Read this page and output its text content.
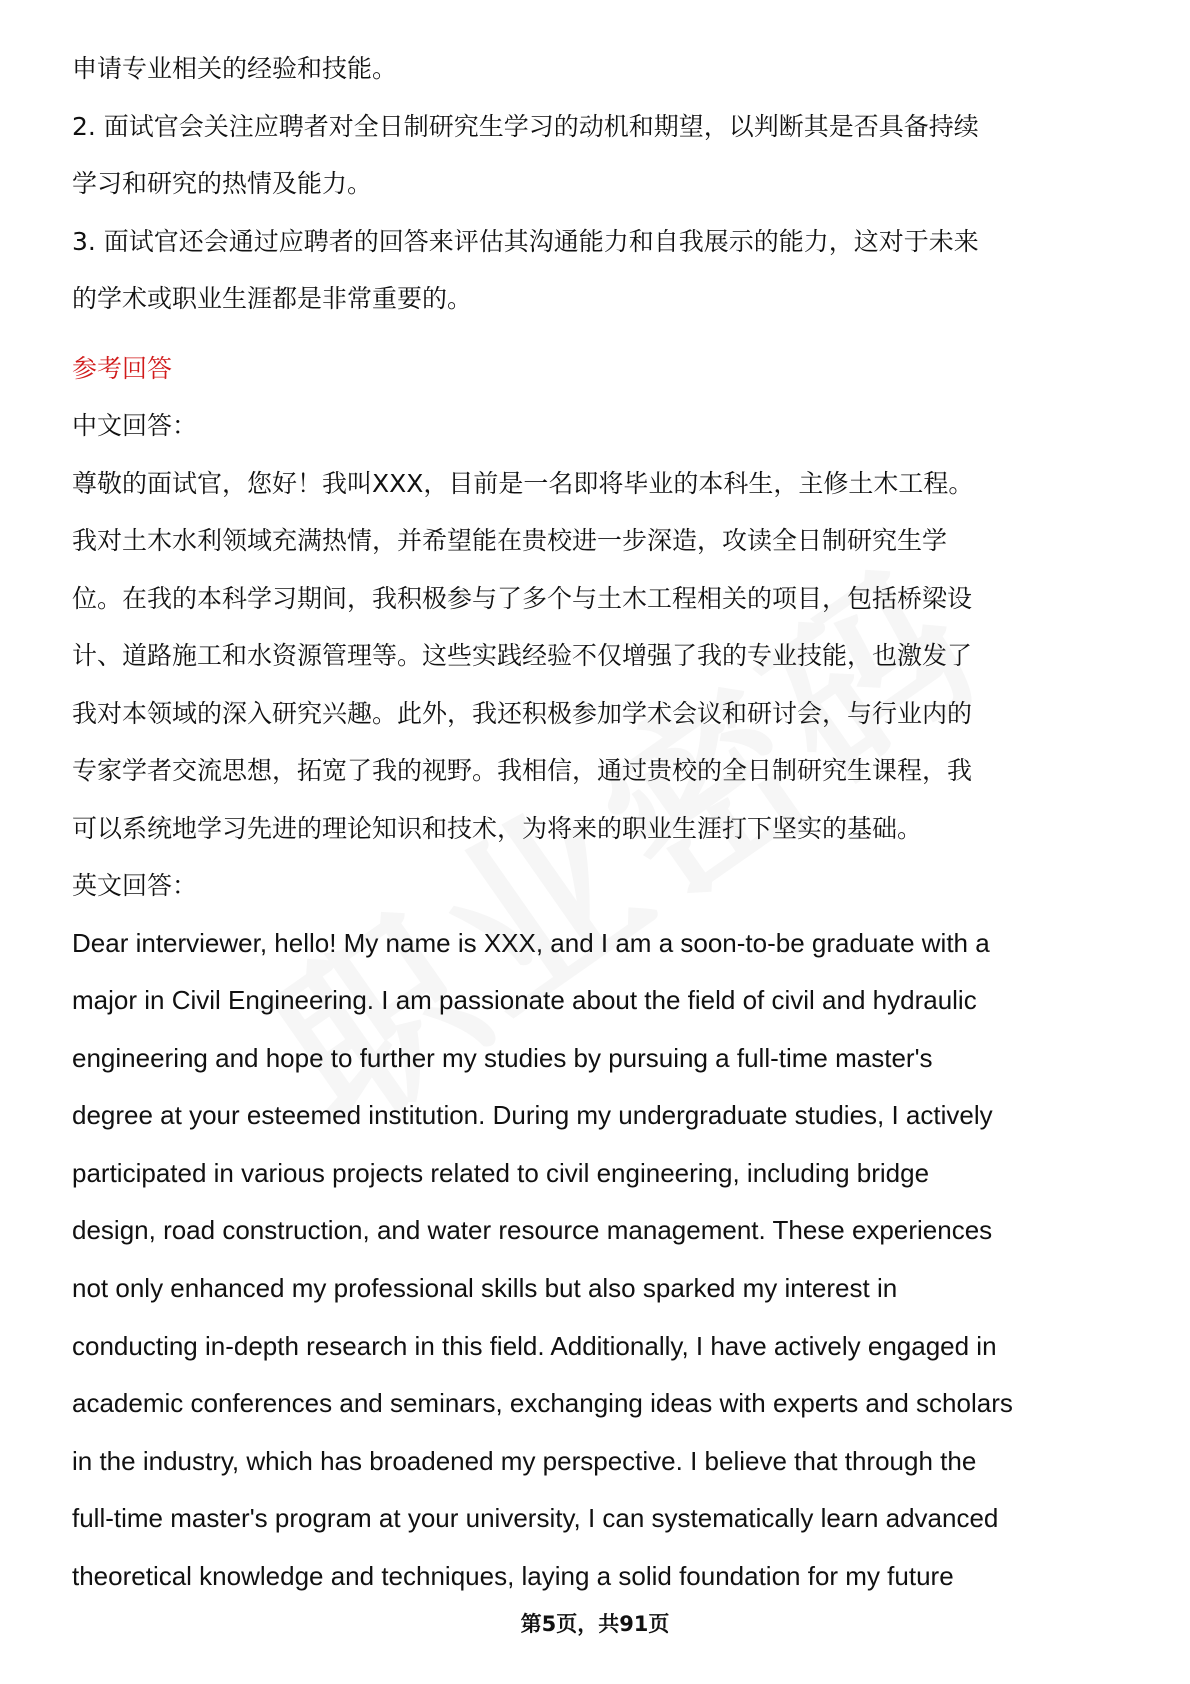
申请专业相关的经验和技能。

2. 面试官会关注应聘者对全日制研究生学习的动机和期望，以判断其是否具备持续

学习和研究的热情及能力。

3. 面试官还会通过应聘者的回答来评估其沟通能力和自我展示的能力，这对于未来

的学术或职业生涯都是非常重要的。

参考回答

中文回答：

尊敬的面试官，您好！我叫XXX，目前是一名即将毕业的本科生，主修土木工程。

我对土木水利领域充满热情，并希望能在贵校进一步深造，攻读全日制研究生学

位。在我的本科学习期间，我积极参与了多个与土木工程相关的项目，包括桥梁设

计、道路施工和水资源管理等。这些实践经验不仅增强了我的专业技能，也激发了

我对本领域的深入研究兴趣。此外，我还积极参加学术会议和研讨会，与行业内的

专家学者交流思想，拓宽了我的视野。我相信，通过贵校的全日制研究生课程，我

可以系统地学习先进的理论知识和技术，为将来的职业生涯打下坚实的基础。

英文回答：

Dear interviewer, hello! My name is XXX, and I am a soon-to-be graduate with a

major in Civil Engineering. I am passionate about the field of civil and hydraulic

engineering and hope to further my studies by pursuing a full-time master's

degree at your esteemed institution. During my undergraduate studies, I actively

participated in various projects related to civil engineering, including bridge

design, road construction, and water resource management. These experiences

not only enhanced my professional skills but also sparked my interest in

conducting in-depth research in this field. Additionally, I have actively engaged in

academic conferences and seminars, exchanging ideas with experts and scholars

in the industry, which has broadened my perspective. I believe that through the

full-time master's program at your university, I can systematically learn advanced

theoretical knowledge and techniques, laying a solid foundation for my future

第5页，共91页
